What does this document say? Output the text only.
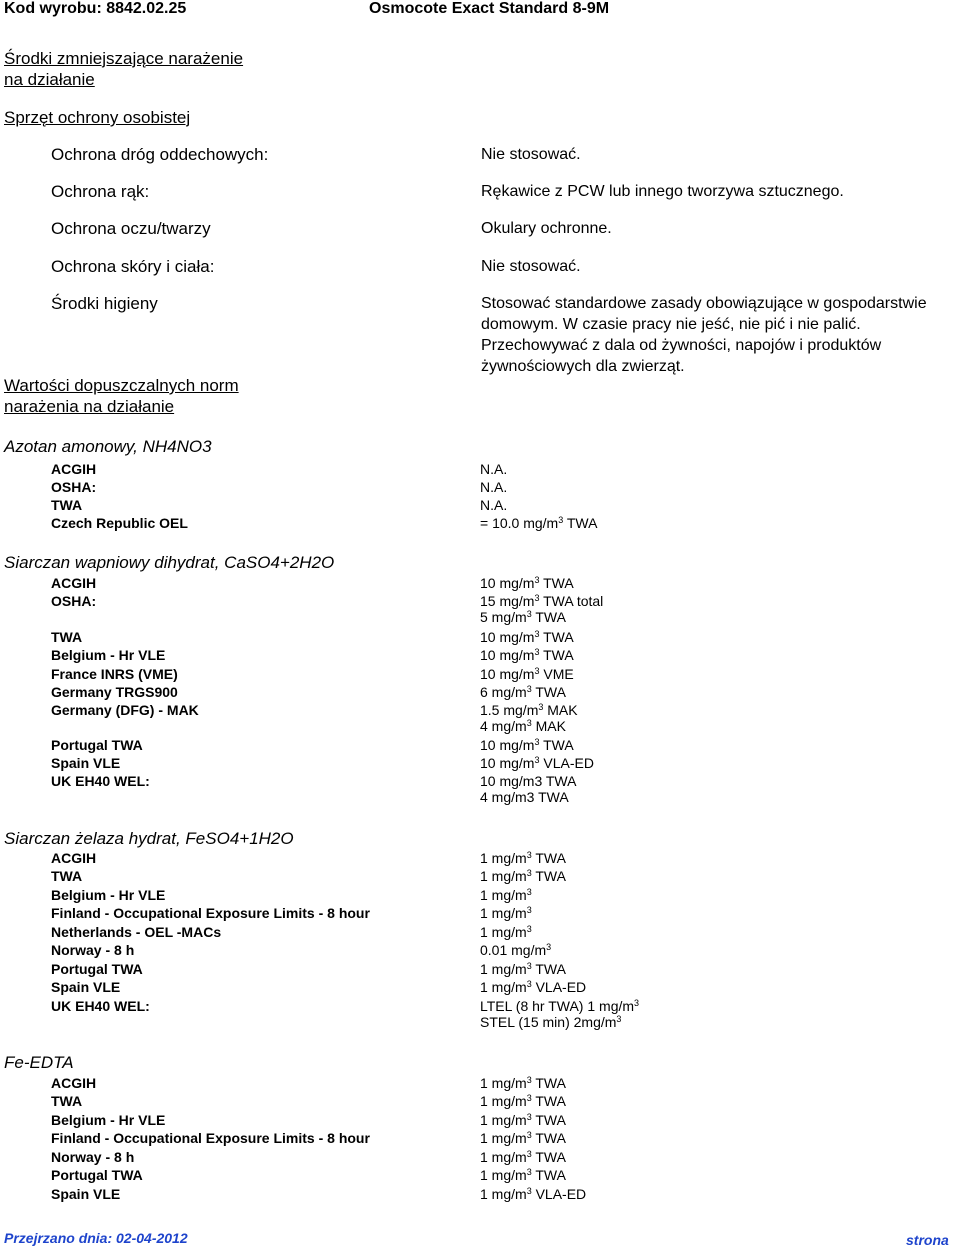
Kod wyrobu: 8842.02.25	Osmocote Exact Standard 8-9M
Środki zmniejszające narażenie
na działanie
Sprzęt ochrony osobistej
Ochrona dróg oddechowych:	Nie stosować.
Ochrona rąk:	Rękawice z PCW lub innego tworzywa sztucznego.
Ochrona oczu/twarzy	Okulary ochronne.
Ochrona skóry i ciała:	Nie stosować.
Środki higieny	Stosować standardowe zasady obowiązujące w gospodarstwie domowym. W czasie pracy nie jeść, nie pić i nie palić. Przechowywać z dala od żywności, napojów i produktów żywnościowych dla zwierząt.
Wartości dopuszczalnych norm
narażenia na działanie
Azotan amonowy, NH4NO3
ACGIH	N.A.
OSHA:	N.A.
TWA	N.A.
Czech Republic OEL	= 10.0 $mg/m^3$ TWA
Siarczan wapniowy dihydrat, CaSO4+2H2O
ACGIH	10 $mg/m^3$ TWA
OSHA:	15 $mg/m^3$ TWA total
5 $mg/m^3$ TWA
TWA	10 $mg/m^3$ TWA
Belgium - Hr VLE	10 $mg/m^3$ TWA
France INRS (VME)	10 $mg/m^3$ VME
Germany TRGS900	6 $mg/m^3$ TWA
Germany (DFG) - MAK	1.5 $mg/m^3$ MAK
4 $mg/m^3$ MAK
Portugal TWA	10 $mg/m^3$ TWA
Spain VLE	10 $mg/m^3$ VLA-ED
UK EH40 WEL:	10 mg/m3 TWA
4 mg/m3 TWA
Siarczan żelaza hydrat, FeSO4+1H2O
ACGIH	1 $mg/m^3$ TWA
TWA	1 $mg/m^3$ TWA
Belgium - Hr VLE	1 $mg/m^3$
Finland - Occupational Exposure Limits - 8 hour	1 $mg/m^3$
Netherlands - OEL -MACs	1 $mg/m^3$
Norway - 8 h	0.01 $mg/m^3$
Portugal TWA	1 $mg/m^3$ TWA
Spain VLE	1 $mg/m^3$ VLA-ED
UK EH40 WEL:	LTEL (8 hr TWA) 1 $mg/m^3$
STEL (15 min) $2mg/m^3$
Fe-EDTA
ACGIH	1 $mg/m^3$ TWA
TWA	1 $mg/m^3$ TWA
Belgium - Hr VLE	1 $mg/m^3$ TWA
Finland - Occupational Exposure Limits - 8 hour	1 $mg/m^3$ TWA
Norway - 8 h	1 $mg/m^3$ TWA
Portugal TWA	1 $mg/m^3$ TWA
Spain VLE	1 $mg/m^3$ VLA-ED
Przejrzano dnia: 02-04-2012	strona
